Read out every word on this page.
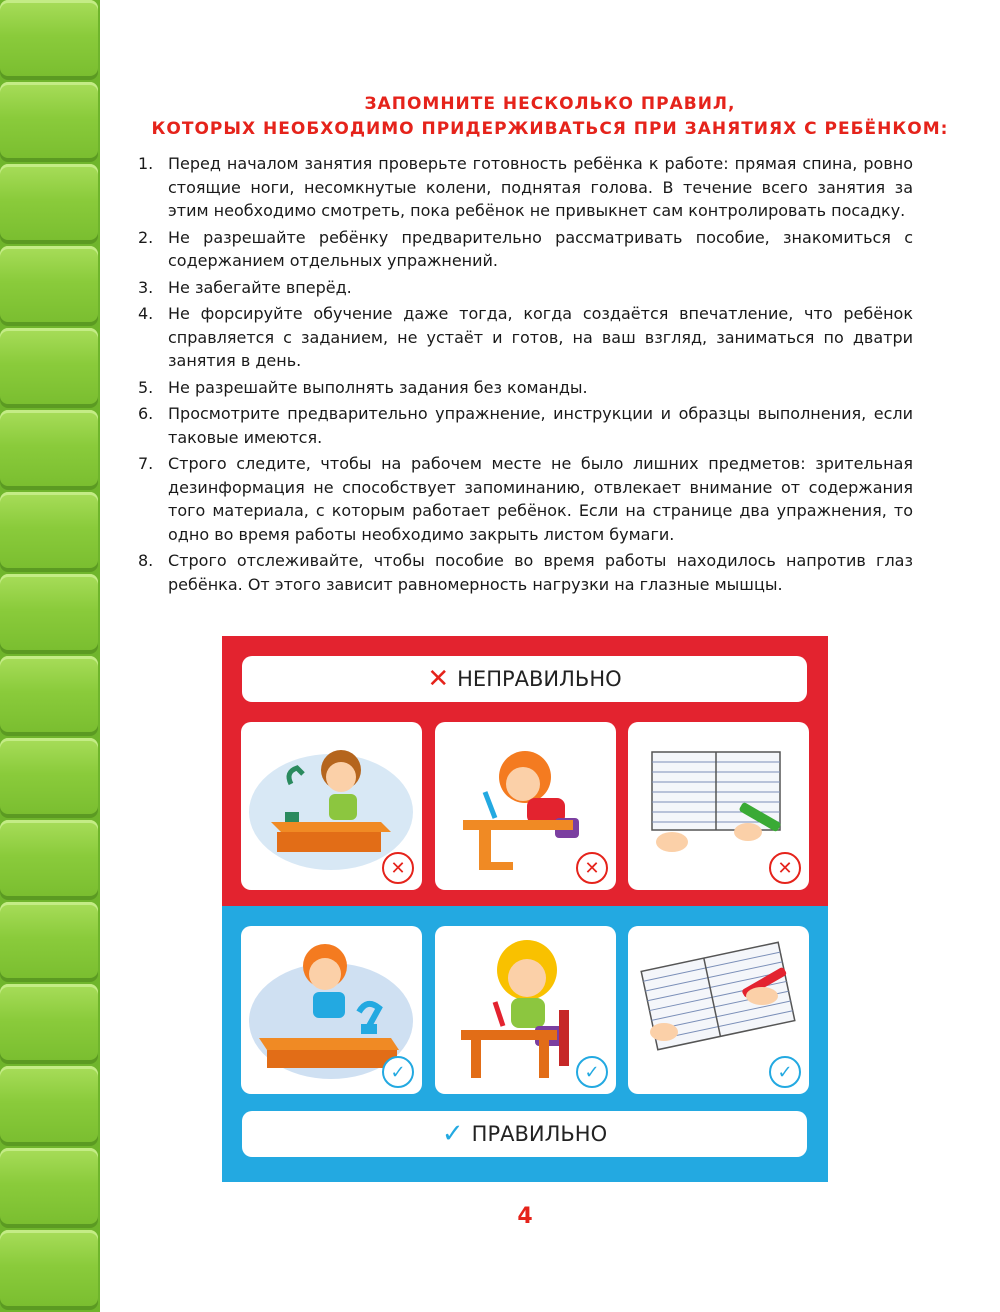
ЗАПОМНИТЕ НЕСКОЛЬКО ПРАВИЛ,
КОТОРЫХ НЕОБХОДИМО ПРИДЕРЖИВАТЬСЯ ПРИ ЗАНЯТИЯХ С РЕБЁНКОМ:
1. Перед началом занятия проверьте готовность ребёнка к работе: прямая спина, ровно стоящие ноги, несомкнутые колени, поднятая голова. В течение всего занятия за этим необходимо смотреть, пока ребёнок не привыкнет сам контролировать посадку.
2. Не разрешайте ребёнку предварительно рассматривать пособие, знакомиться с содержанием отдельных упражнений.
3. Не забегайте вперёд.
4. Не форсируйте обучение даже тогда, когда создаётся впечатление, что ребёнок справляется с заданием, не устаёт и готов, на ваш взгляд, заниматься по дватри занятия в день.
5. Не разрешайте выполнять задания без команды.
6. Просмотрите предварительно упражнение, инструкции и образцы выполнения, если таковые имеются.
7. Строго следите, чтобы на рабочем месте не было лишних предметов: зрительная дезинформация не способствует запоминанию, отвлекает внимание от содержания того материала, с которым работает ребёнок. Если на странице два упражнения, то одно во время работы необходимо закрыть листом бумаги.
8. Строго отслеживайте, чтобы пособие во время работы находилось напротив глаз ребёнка. От этого зависит равномерность нагрузки на глазные мышцы.
✕ НЕПРАВИЛЬНО
✕	✕	✕
✓	✓	✓
✓ ПРАВИЛЬНО
4
